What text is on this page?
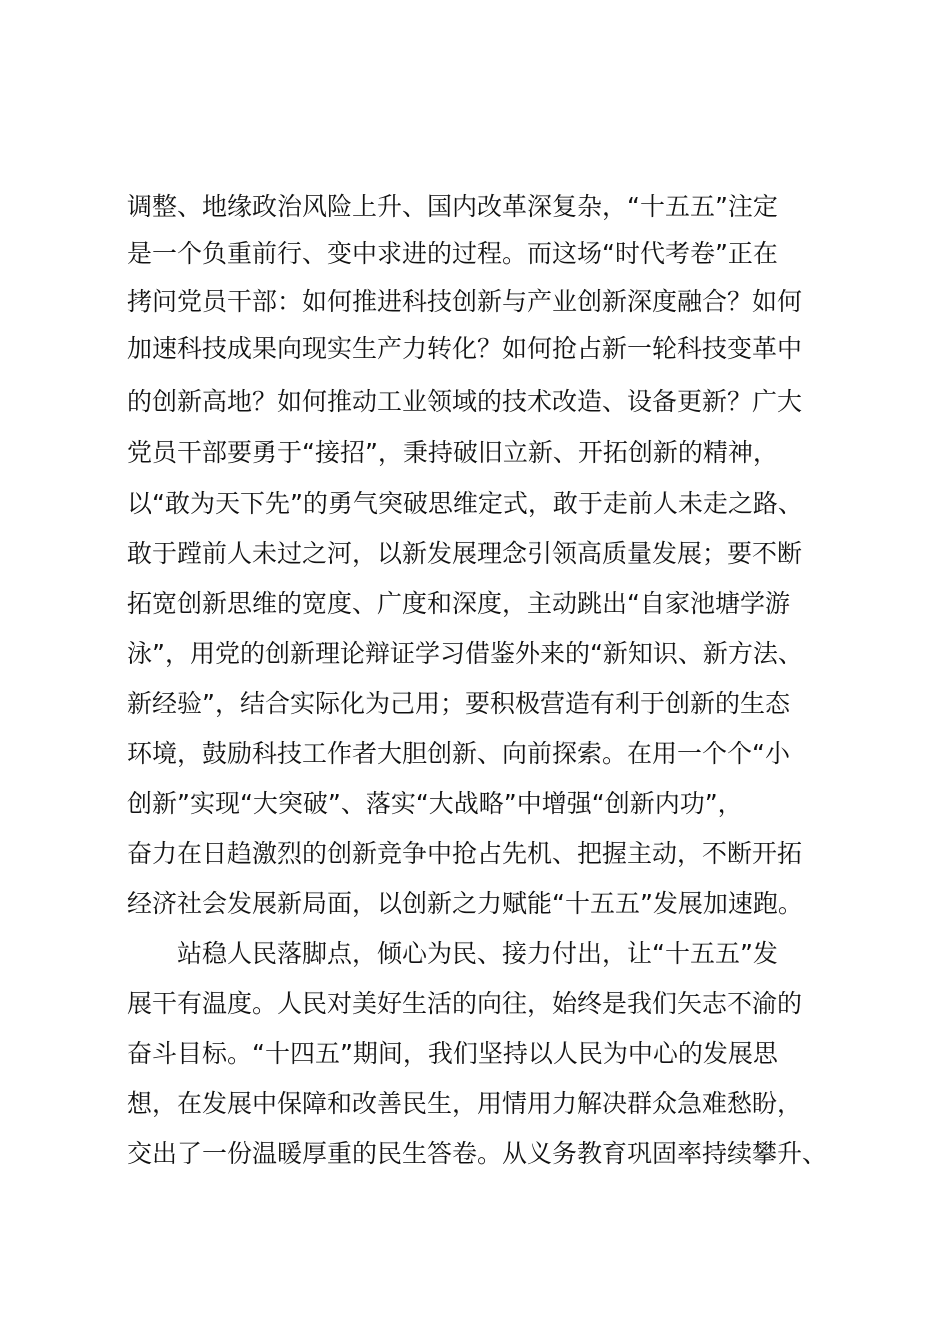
调整、地缘政治风险上升、国内改革深复杂，“十五五”注定
是一个负重前行、变中求进的过程。而这场“时代考卷”正在
拷问党员干部：如何推进科技创新与产业创新深度融合？如何
加速科技成果向现实生产力转化？如何抢占新一轮科技变革中
的创新高地？如何推动工业领域的技术改造、设备更新？广大
党员干部要勇于“接招”，秉持破旧立新、开拓创新的精神，
以“敢为天下先”的勇气突破思维定式，敢于走前人未走之路、
敢于蹚前人未过之河，以新发展理念引领高质量发展；要不断
拓宽创新思维的宽度、广度和深度，主动跳出“自家池塘学游
泳”，用党的创新理论辩证学习借鉴外来的“新知识、新方法、
新经验”，结合实际化为己用；要积极营造有利于创新的生态
环境，鼓励科技工作者大胆创新、向前探索。在用一个个“小
创新”实现“大突破”、落实“大战略”中增强“创新内功”，
奋力在日趋激烈的创新竞争中抢占先机、把握主动，不断开拓
经济社会发展新局面，以创新之力赋能“十五五”发展加速跑。
站稳人民落脚点，倾心为民、接力付出，让“十五五”发
展干有温度。人民对美好生活的向往，始终是我们矢志不渝的
奋斗目标。“十四五”期间，我们坚持以人民为中心的发展思
想，在发展中保障和改善民生，用情用力解决群众急难愁盼，
交出了一份温暖厚重的民生答卷。从义务教育巩固率持续攀升、
